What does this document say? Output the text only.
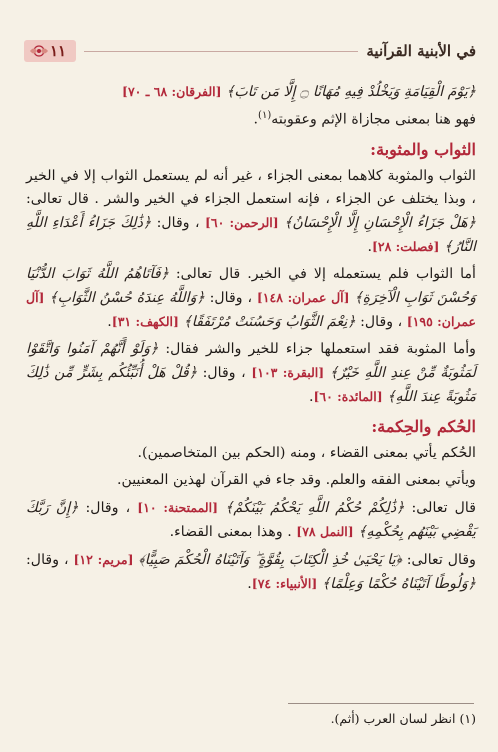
في الأبنية القرآنية
١١

﴿يَوْمَ الْقِيَامَةِ وَيَخْلُدْ فِيهِ مُهَانًا ۝ إِلَّا مَن تَابَ﴾ [الفرقان: ٦٨ ـ ٧٠]
فهو هنا بمعنى مجازاة الإثم وعقوبته$^{(١)}$.

الثواب والمثوبة:

الثواب والمثوبة كلاهما بمعنى الجزاء ، غير أنه لم يستعمل الثواب إلا في الخير ، وبذا يختلف عن الجزاء ، فإنه استعمل الجزاء في الخير والشر . قال تعالى: ﴿هَلْ جَزَاءُ الْإِحْسَانِ إِلَّا الْإِحْسَانُ﴾ [الرحمن: ٦٠] ، وقال: ﴿ذَٰلِكَ جَزَاءُ أَعْدَاءِ اللَّهِ النَّارُ﴾ [فصلت: ٢٨].

أما الثواب فلم يستعمله إلا في الخير. قال تعالى: ﴿فَآتَاهُمُ اللَّهُ ثَوَابَ الدُّنْيَا وَحُسْنَ ثَوَابِ الْآخِرَةِ﴾ [آل عمران: ١٤٨] ، وقال: ﴿وَاللَّهُ عِندَهُ حُسْنُ الثَّوَابِ﴾ [آل عمران: ١٩٥] ، وقال: ﴿نِعْمَ الثَّوَابُ وَحَسُنَتْ مُرْتَفَقًا﴾ [الكهف: ٣١].

وأما المثوبة فقد استعملها جزاء للخير والشر فقال: ﴿وَلَوْ أَنَّهُمْ آمَنُوا وَاتَّقَوْا لَمَثُوبَةٌ مِّنْ عِندِ اللَّهِ خَيْرٌ﴾ [البقرة: ١٠٣] ، وقال: ﴿قُلْ هَلْ أُنَبِّئُكُم بِشَرٍّ مِّن ذَٰلِكَ مَثُوبَةً عِندَ اللَّهِ﴾ [المائدة: ٦٠].

الحُكم والحِكمة:

الحُكم يأتي بمعنى القضاء ، ومنه (الحكم بين المتخاصمين).

ويأتي بمعنى الفقه والعلم. وقد جاء في القرآن لهذين المعنيين.

قال تعالى: ﴿ذَٰلِكُمْ حُكْمُ اللَّهِ يَحْكُمُ بَيْنَكُمْ﴾ [الممتحنة: ١٠] ، وقال: ﴿إِنَّ رَبَّكَ يَقْضِي بَيْنَهُم بِحُكْمِهِ﴾ [النمل ٧٨] . وهذا بمعنى القضاء.

وقال تعالى: ﴿يَا يَحْيَىٰ خُذِ الْكِتَابَ بِقُوَّةٍ ۖ وَآتَيْنَاهُ الْحُكْمَ صَبِيًّا﴾ [مريم: ١٢] ، وقال: ﴿وَلُوطًا آتَيْنَاهُ حُكْمًا وَعِلْمًا﴾ [الأنبياء: ٧٤].

(١) انظر لسان العرب (أثم).
